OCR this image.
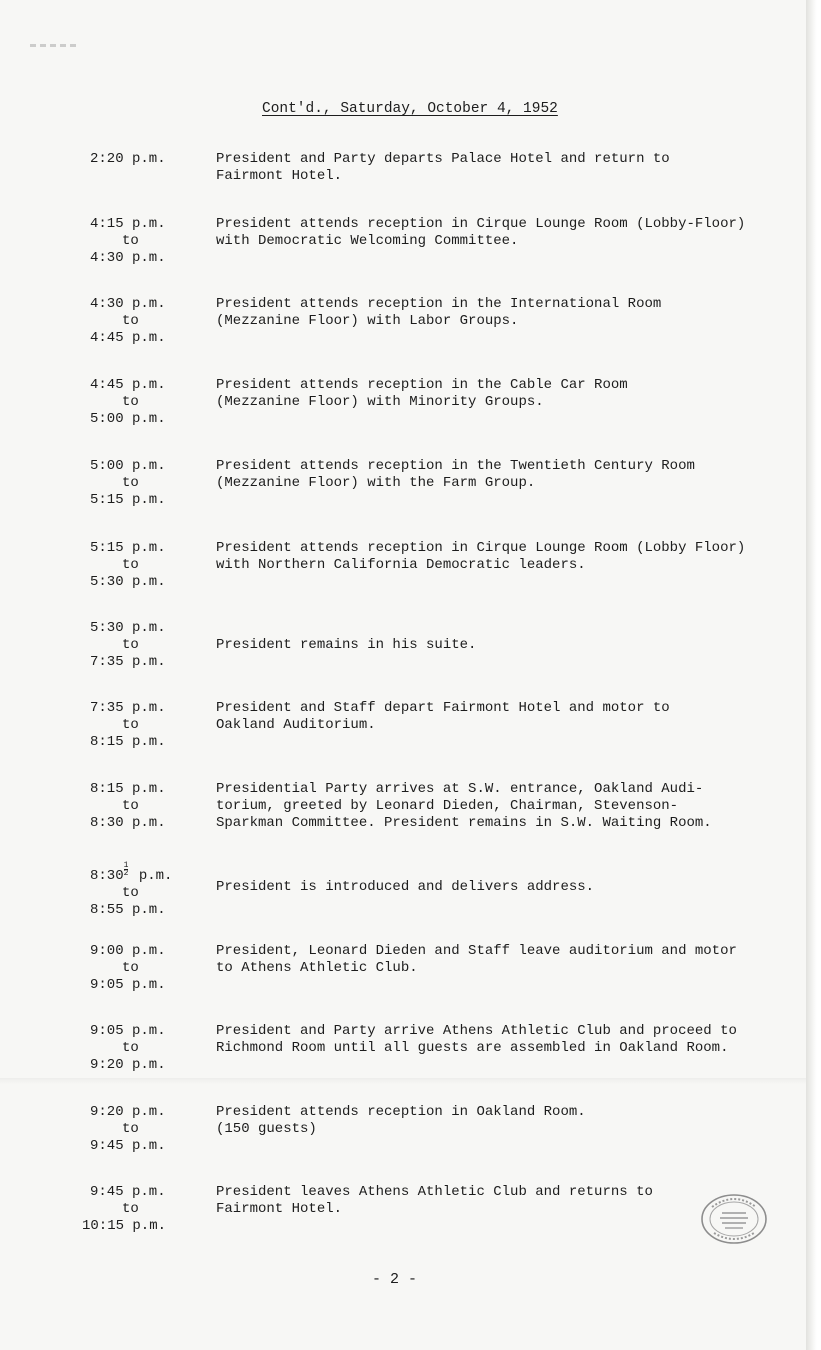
Cont'd., Saturday, October 4, 1952
2:20 p.m.	President and Party departs Palace Hotel and return to
Fairmont Hotel.
4:15 p.m.
to
4:30 p.m.
President attends reception in Cirque Lounge Room (Lobby-Floor)
with Democratic Welcoming Committee.
4:30 p.m.
to
4:45 p.m.
President attends reception in the International Room
(Mezzanine Floor) with Labor Groups.
4:45 p.m.
to
5:00 p.m.
President attends reception in the Cable Car Room
(Mezzanine Floor) with Minority Groups.
5:00 p.m.
to
5:15 p.m.
President attends reception in the Twentieth Century Room
(Mezzanine Floor) with the Farm Group.
5:15 p.m.
to
5:30 p.m.
President attends reception in Cirque Lounge Room (Lobby Floor)
with Northern California Democratic leaders.
5:30 p.m.
to
7:35 p.m.
President remains in his suite.
7:35 p.m.
to
8:15 p.m.
President and Staff depart Fairmont Hotel and motor to
Oakland Auditorium.
8:15 p.m.
to
8:30 p.m.
Presidential Party arrives at S.W. entrance, Oakland Audi-
torium, greeted by Leonard Dieden, Chairman, Stevenson-
Sparkman Committee. President remains in S.W. Waiting Room.
8:30 $\frac{1}{2} p.m$.
to
8:55 p.m.
President is introduced and delivers address.
9:00 p.m.
to
9:05 p.m.
President, Leonard Dieden and Staff leave auditorium and motor
to Athens Athletic Club.
9:05 p.m.
to
9:20 p.m.
President and Party arrive Athens Athletic Club and proceed to
Richmond Room until all guests are assembled in Oakland Room.
9:20 p.m.
to
9:45 p.m.
President attends reception in Oakland Room.
(150 guests)
9:45 p.m.
to
10:15 p.m.
President leaves Athens Athletic Club and returns to
Fairmont Hotel.
- 2 -
